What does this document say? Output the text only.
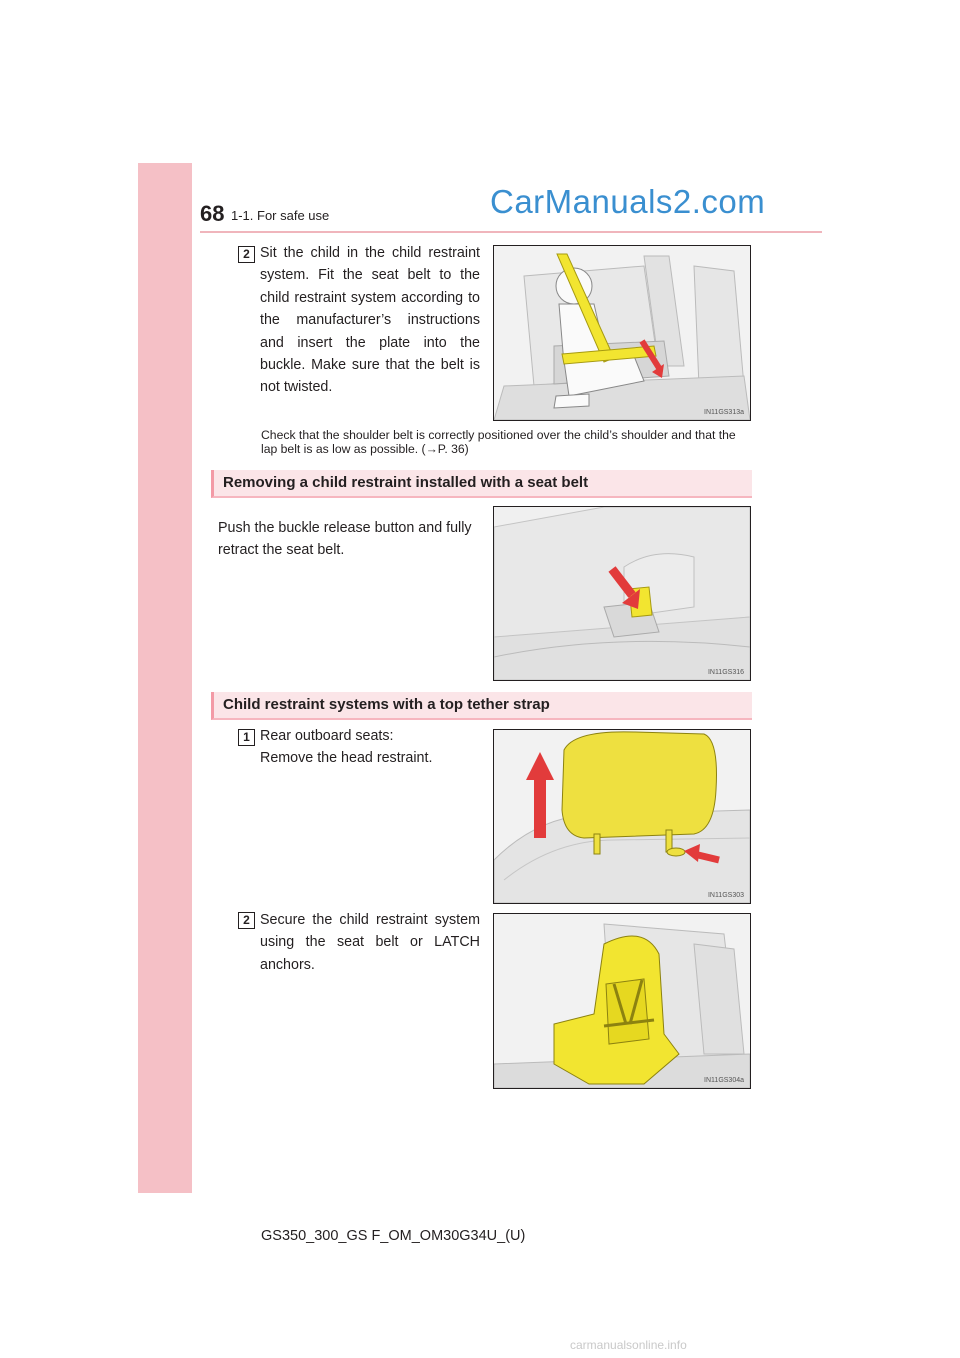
68 1-1. For safe use	CarManuals2.com
2 Sit the child in the child restraint system. Fit the seat belt to the child restraint system according to the manufacturer’s instructions and insert the plate into the buckle. Make sure that the belt is not twisted.
IN11GS313a
Check that the shoulder belt is correctly positioned over the child’s shoulder and that the lap belt is as low as possible. (→P. 36)
Removing a child restraint installed with a seat belt
Push the buckle release button and fully retract the seat belt.
IN11GS316
Child restraint systems with a top tether strap
1 Rear outboard seats:
Remove the head restraint.
IN11GS303
2 Secure the child restraint system using the seat belt or LATCH anchors.
IN11GS304a
GS350_300_GS F_OM_OM30G34U_(U)
carmanualsonline.info
